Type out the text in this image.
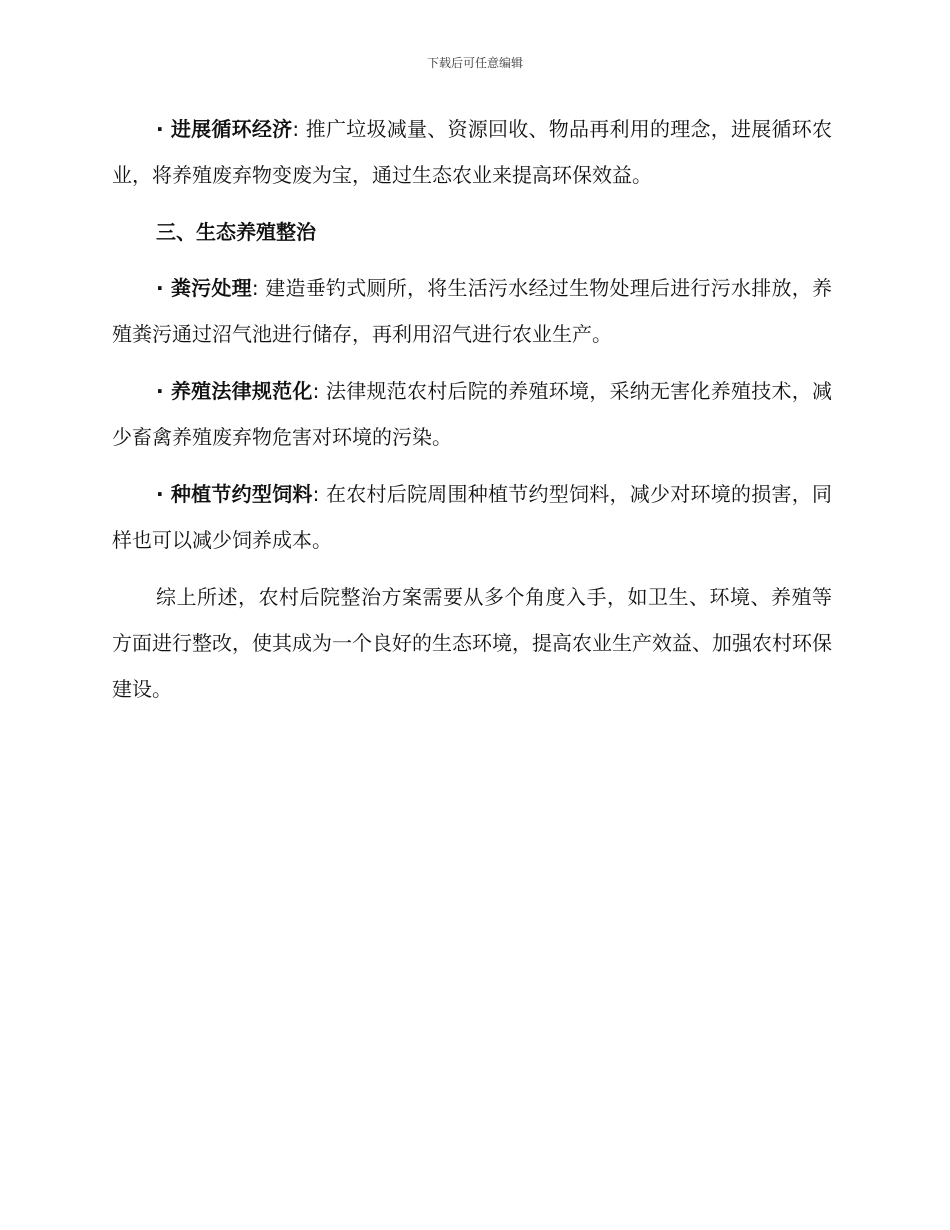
下载后可任意编辑

· 进展循环经济: 推广垃圾减量、资源回收、物品再利用的理念，进展循环农业，将养殖废弃物变废为宝，通过生态农业来提高环保效益。

三、生态养殖整治

· 粪污处理: 建造垂钓式厕所，将生活污水经过生物处理后进行污水排放，养殖粪污通过沼气池进行储存，再利用沼气进行农业生产。

· 养殖法律规范化: 法律规范农村后院的养殖环境，采纳无害化养殖技术，减少畜禽养殖废弃物危害对环境的污染。

· 种植节约型饲料: 在农村后院周围种植节约型饲料，减少对环境的损害，同样也可以减少饲养成本。

综上所述，农村后院整治方案需要从多个角度入手，如卫生、环境、养殖等方面进行整改，使其成为一个良好的生态环境，提高农业生产效益、加强农村环保建设。
